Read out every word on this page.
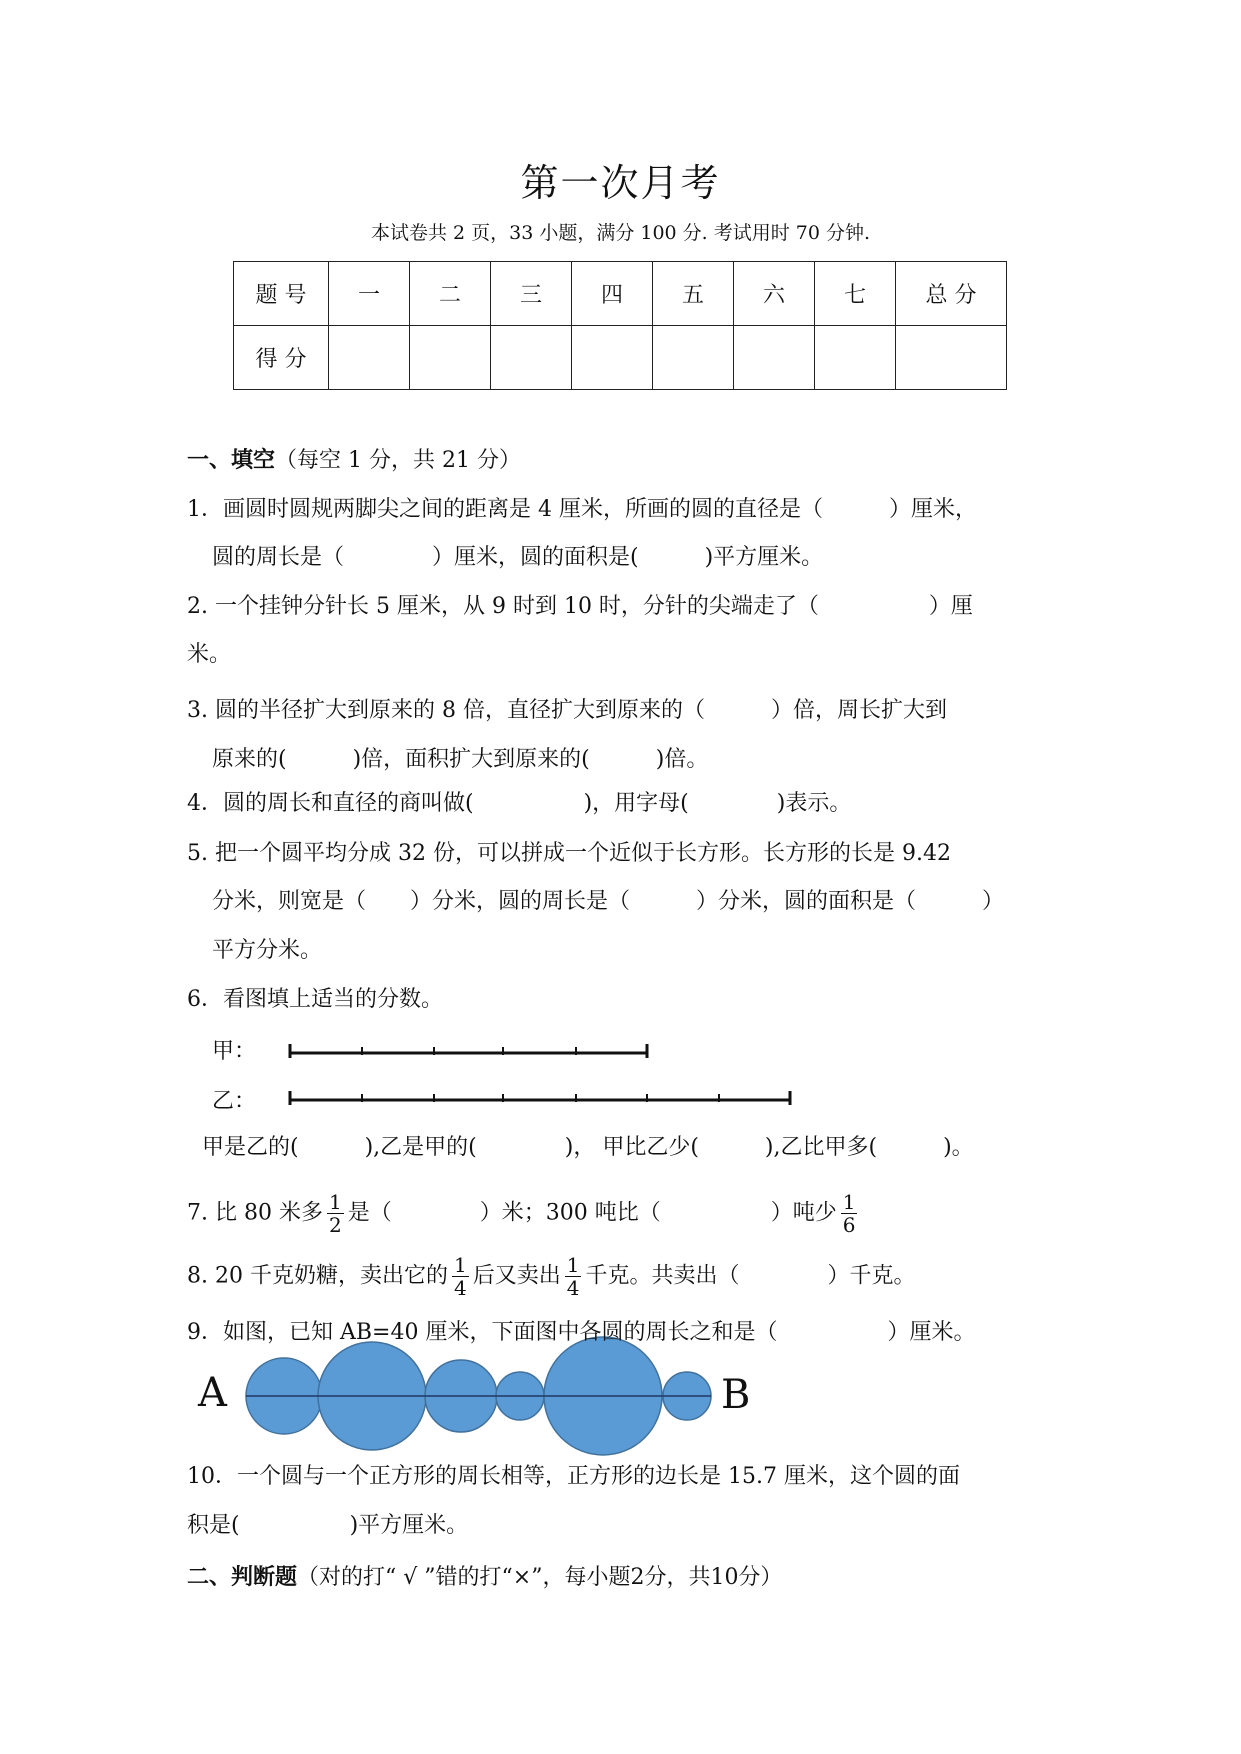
第一次月考
本试卷共 2 页，33 小题，满分 100 分. 考试用时 70 分钟.
题 号	一	二	三	四	五	六	七	总 分
得 分								
一、填空（每空 1 分，共 21 分）
1．画圆时圆规两脚尖之间的距离是 4 厘米，所画的圆的直径是（　　　）厘米，
圆的周长是（　　　　）厘米，圆的面积是(　　　)平方厘米。
2. 一个挂钟分针长 5 厘米，从 9 时到 10 时，分针的尖端走了（　　　　　）厘
米。
3. 圆的半径扩大到原来的 8 倍，直径扩大到原来的（　　　）倍，周长扩大到
原来的(　　　)倍，面积扩大到原来的(　　　)倍。
4．圆的周长和直径的商叫做(　　　　　)，用字母(　　　　)表示。
5. 把一个圆平均分成 32 份，可以拼成一个近似于长方形。长方形的长是 9.42
分米，则宽是（　　）分米，圆的周长是（　　　）分米，圆的面积是（　　　）
平方分米。
6．看图填上适当的分数。
甲：
乙：
甲是乙的(　　　),乙是甲的(　　　　)， 甲比乙少(　　　),乙比甲多(　　　)。
7. 比 80 米多 $\frac{1}{2}$ 是（　　　　）米；300 吨比（　　　　　）吨少 $\frac{1}{6}$
8. 20 千克奶糖，卖出它的 $\frac{1}{4}$ 后又卖出 $\frac{1}{4}$ 千克。共卖出（　　　　）千克。
9．如图，已知 AB=40 厘米，下面图中各圆的周长之和是（　　　　　）厘米。
A	B
10．一个圆与一个正方形的周长相等，正方形的边长是 15.7 厘米，这个圆的面
积是(　　　　　)平方厘米。
二、判断题（对的打“ √ ”错的打“×”，每小题2分，共10分）
